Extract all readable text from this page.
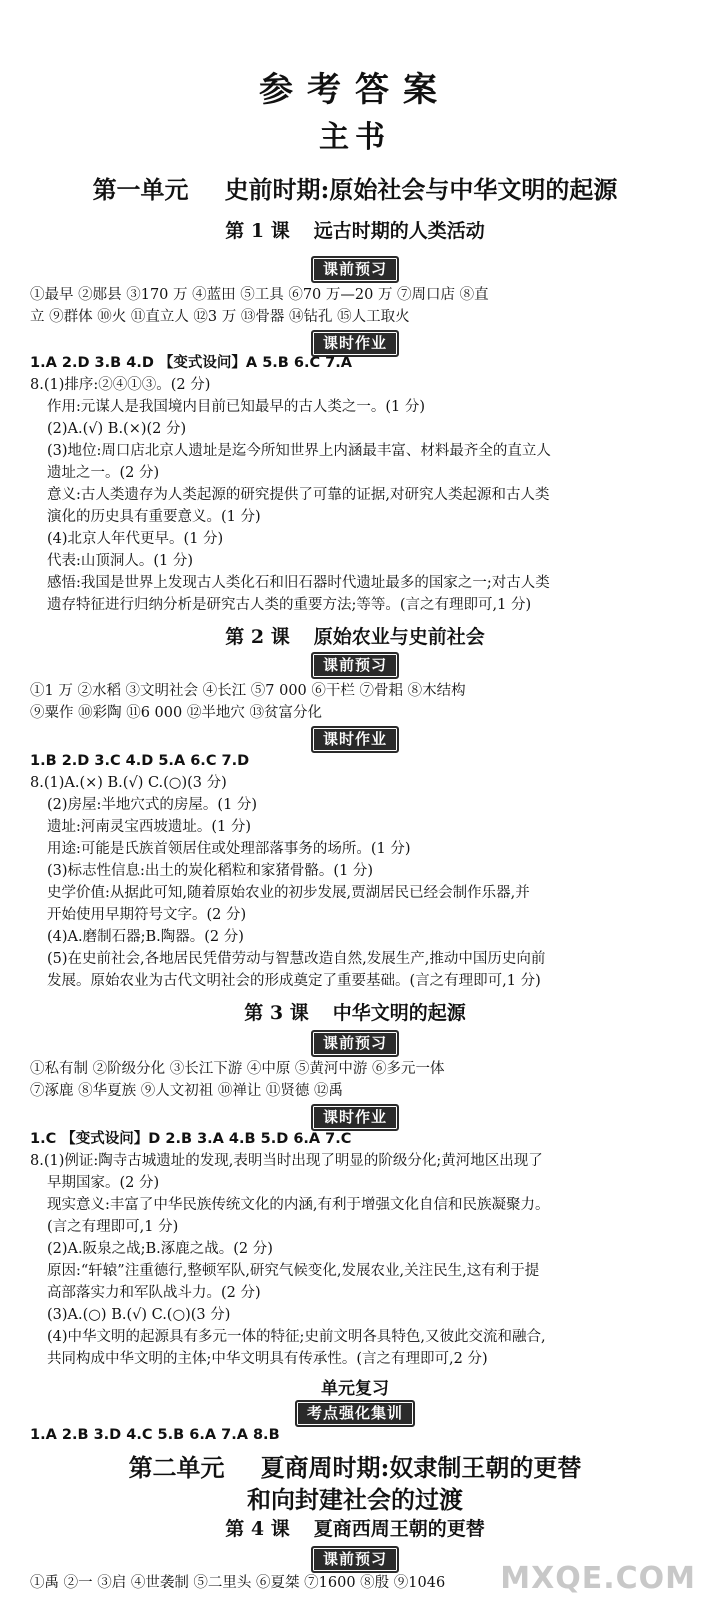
参考答案
主书
第一单元 史前时期:原始社会与中华文明的起源
第 1 课 远古时期的人类活动
课前预习
①最早 ②郧县 ③170 万 ④蓝田 ⑤工具 ⑥70 万—20 万 ⑦周口店 ⑧直
立 ⑨群体 ⑩火 ⑪直立人 ⑫3 万 ⑬骨器 ⑭钻孔 ⑮人工取火
课时作业
1.A 2.D 3.B 4.D 【变式设问】A 5.B 6.C 7.A
8.(1)排序:②④①③。(2 分)
作用:元谋人是我国境内目前已知最早的古人类之一。(1 分)
(2)A.(√) B.(×)(2 分)
(3)地位:周口店北京人遗址是迄今所知世界上内涵最丰富、材料最齐全的直立人
遗址之一。(2 分)
意义:古人类遗存为人类起源的研究提供了可靠的证据,对研究人类起源和古人类
演化的历史具有重要意义。(1 分)
(4)北京人年代更早。(1 分)
代表:山顶洞人。(1 分)
感悟:我国是世界上发现古人类化石和旧石器时代遗址最多的国家之一;对古人类
遗存特征进行归纳分析是研究古人类的重要方法;等等。(言之有理即可,1 分)
第 2 课 原始农业与史前社会
课前预习
①1 万 ②水稻 ③文明社会 ④长江 ⑤7 000 ⑥干栏 ⑦骨耜 ⑧木结构
⑨粟作 ⑩彩陶 ⑪6 000 ⑫半地穴 ⑬贫富分化
课时作业
1.B 2.D 3.C 4.D 5.A 6.C 7.D
8.(1)A.(×) B.(√) C.(○)(3 分)
(2)房屋:半地穴式的房屋。(1 分)
遗址:河南灵宝西坡遗址。(1 分)
用途:可能是氏族首领居住或处理部落事务的场所。(1 分)
(3)标志性信息:出土的炭化稻粒和家猪骨骼。(1 分)
史学价值:从据此可知,随着原始农业的初步发展,贾湖居民已经会制作乐器,并
开始使用早期符号文字。(2 分)
(4)A.磨制石器;B.陶器。(2 分)
(5)在史前社会,各地居民凭借劳动与智慧改造自然,发展生产,推动中国历史向前
发展。原始农业为古代文明社会的形成奠定了重要基础。(言之有理即可,1 分)
第 3 课 中华文明的起源
课前预习
①私有制 ②阶级分化 ③长江下游 ④中原 ⑤黄河中游 ⑥多元一体
⑦涿鹿 ⑧华夏族 ⑨人文初祖 ⑩禅让 ⑪贤德 ⑫禹
课时作业
1.C 【变式设问】D 2.B 3.A 4.B 5.D 6.A 7.C
8.(1)例证:陶寺古城遗址的发现,表明当时出现了明显的阶级分化;黄河地区出现了
早期国家。(2 分)
现实意义:丰富了中华民族传统文化的内涵,有利于增强文化自信和民族凝聚力。
(言之有理即可,1 分)
(2)A.阪泉之战;B.涿鹿之战。(2 分)
原因:“轩辕”注重德行,整顿军队,研究气候变化,发展农业,关注民生,这有利于提
高部落实力和军队战斗力。(2 分)
(3)A.(○) B.(√) C.(○)(3 分)
(4)中华文明的起源具有多元一体的特征;史前文明各具特色,又彼此交流和融合,
共同构成中华文明的主体;中华文明具有传承性。(言之有理即可,2 分)
单元复习
考点强化集训
1.A 2.B 3.D 4.C 5.B 6.A 7.A 8.B
第二单元 夏商周时期:奴隶制王朝的更替
和向封建社会的过渡
第 4 课 夏商西周王朝的更替
课前预习
①禹 ②一 ③启 ④世袭制 ⑤二里头 ⑥夏桀 ⑦1600 ⑧殷 ⑨1046	MXQE.COM
